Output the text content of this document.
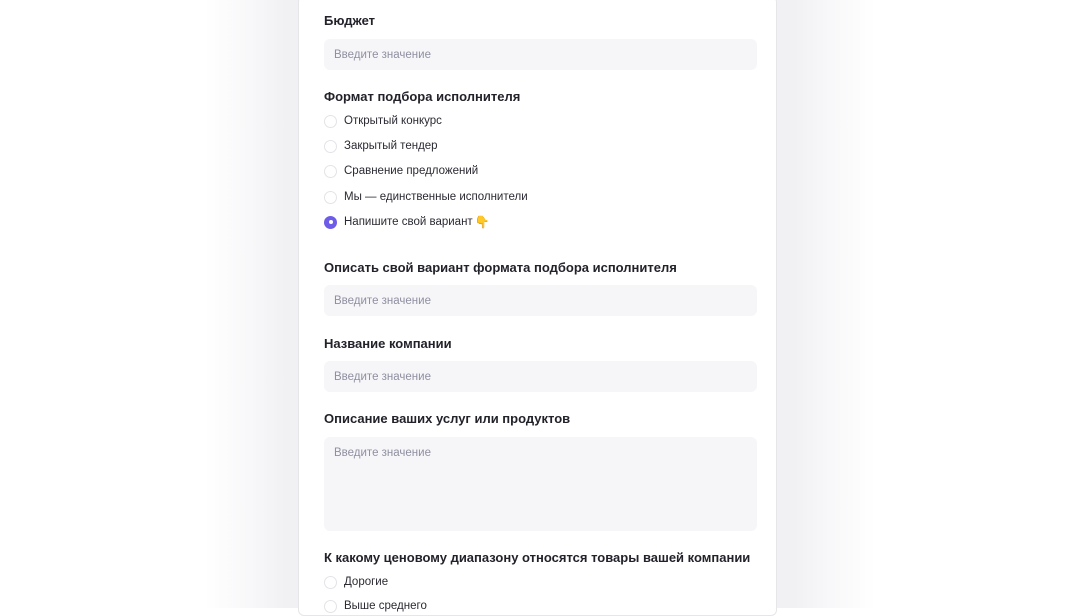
Бюджет
Введите значение
Формат подбора исполнителя
Открытый конкурс
Закрытый тендер
Сравнение предложений
Мы — единственные исполнители
Напишите свой вариант 👇
Описать свой вариант формата подбора исполнителя
Введите значение
Название компании
Введите значение
Описание ваших услуг или продуктов
Введите значение
К какому ценовому диапазону относятся товары вашей компании
Дорогие
Выше среднего
